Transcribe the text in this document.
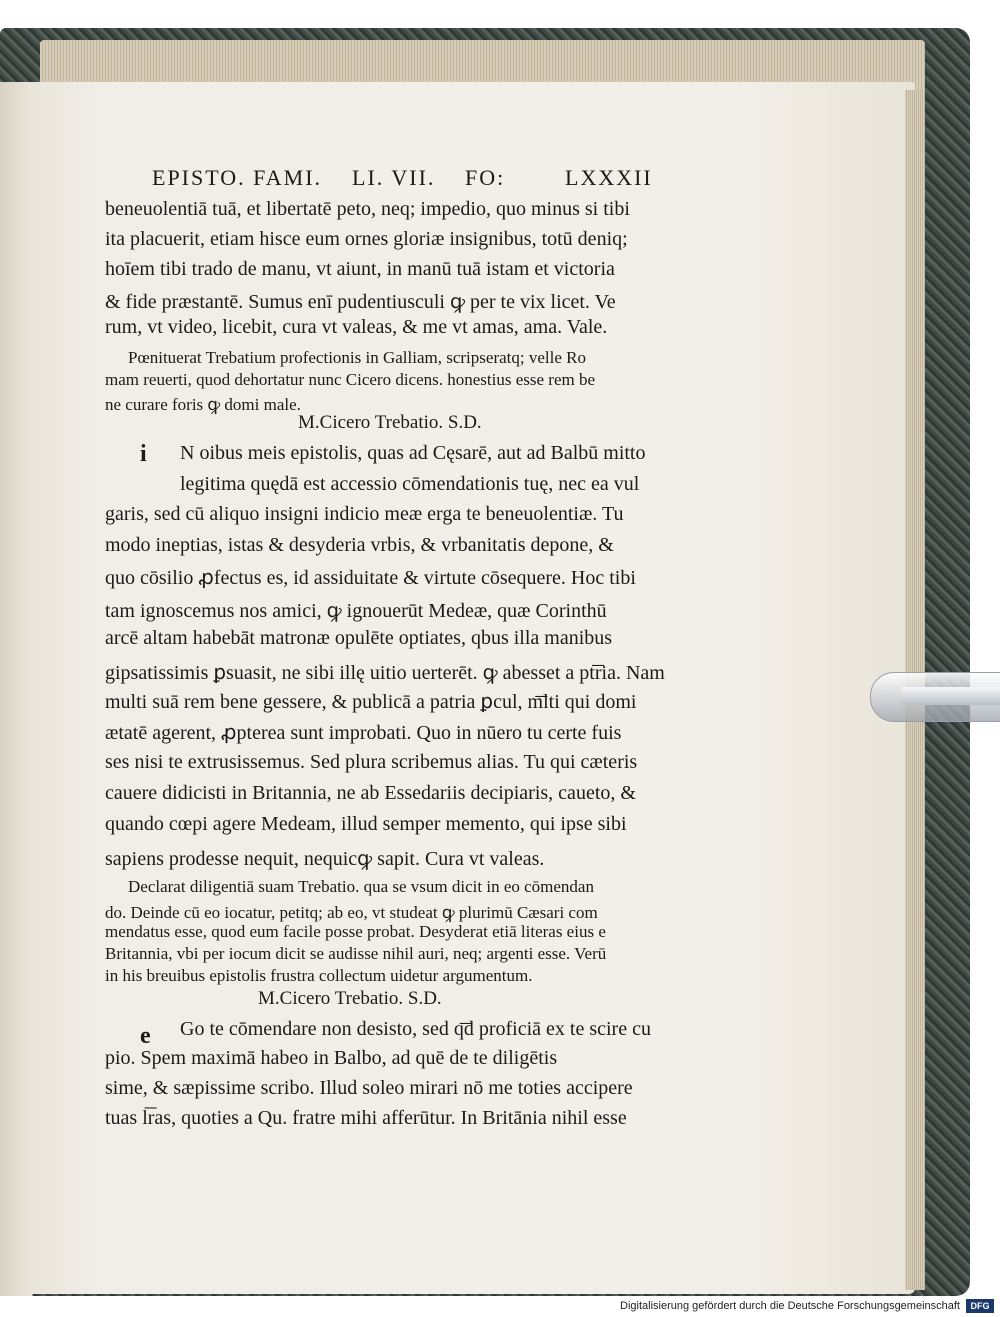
EPISTO. FAMI. LI. VII. FO:	LXXXII
beneuolentiā tuā, et libertatē peto, neq; impedio, quo minus si tibi
ita placuerit, etiam hisce eum ornes gloriæ insignibus, totū deniq;
hoīem tibi trado de manu, vt aiunt, in manū tuā istam et victoria
& fide præstantē. Sumus enī pudentiusculi ꝙ per te vix licet. Ve
rum, vt video, licebit, cura vt valeas, & me vt amas, ama. Vale.
Pœnituerat Trebatium profectionis in Galliam, scripseratq; velle Ro
mam reuerti, quod dehortatur nunc Cicero dicens. honestius esse rem be
ne curare foris ꝙ domi male.
M.Cicero Trebatio. S.D.
i N oibus meis epistolis, quas ad Cęsarē, aut ad Balbū mitto
legitima quędā est accessio cōmendationis tuę, nec ea vul
garis, sed cū aliquo insigni indicio meæ erga te beneuolentiæ. Tu
modo ineptias, istas & desyderia vrbis, & vrbanitatis depone, &
quo cōsilio ꝓfectus es, id assiduitate & virtute cōsequere. Hoc tibi
tam ignoscemus nos amici, ꝙ ignouerūt Medeæ, quæ Corinthū
arcē altam habebāt matronæ opulēte optiates, qbus illa manibus
gipsatissimis ꝑsuasit, ne sibi illę uitio uerterēt. ꝙ abesset a pt͞ria. Nam
multi suā rem bene gessere, & publicā a patria ꝑcul, m͞lti qui domi
ætatē agerent, ꝓpterea sunt improbati. Quo in nūero tu certe fuis
ses nisi te extrusissemus. Sed plura scribemus alias. Tu qui cæteris
cauere didicisti in Britannia, ne ab Essedariis decipiaris, caueto, &
quando cœpi agere Medeam, illud semper memento, qui ipse sibi
sapiens prodesse nequit, nequicꝙ sapit. Cura vt valeas.
Declarat diligentiā suam Trebatio. qua se vsum dicit in eo cōmendan
do. Deinde cū eo iocatur, petitq; ab eo, vt studeat ꝙ plurimū Cæsari com
mendatus esse, quod eum facile posse probat. Desyderat etiā literas eius e
Britannia, vbi per iocum dicit se audisse nihil auri, neq; argenti esse. Verū
in his breuibus epistolis frustra collectum uidetur argumentum.
M.Cicero Trebatio. S.D.
e Go te cōmendare non desisto, sed q͞d proficiā ex te scire cu
pio. Spem maximā habeo in Balbo, ad quē de te diligētis
sime, & sæpissime scribo. Illud soleo mirari nō me toties accipere
tuas l͞ras, quoties a Qu. fratre mihi afferūtur. In Britānia nihil esse
Digitalisierung gefördert durch die Deutsche Forschungsgemeinschaft	DFG
